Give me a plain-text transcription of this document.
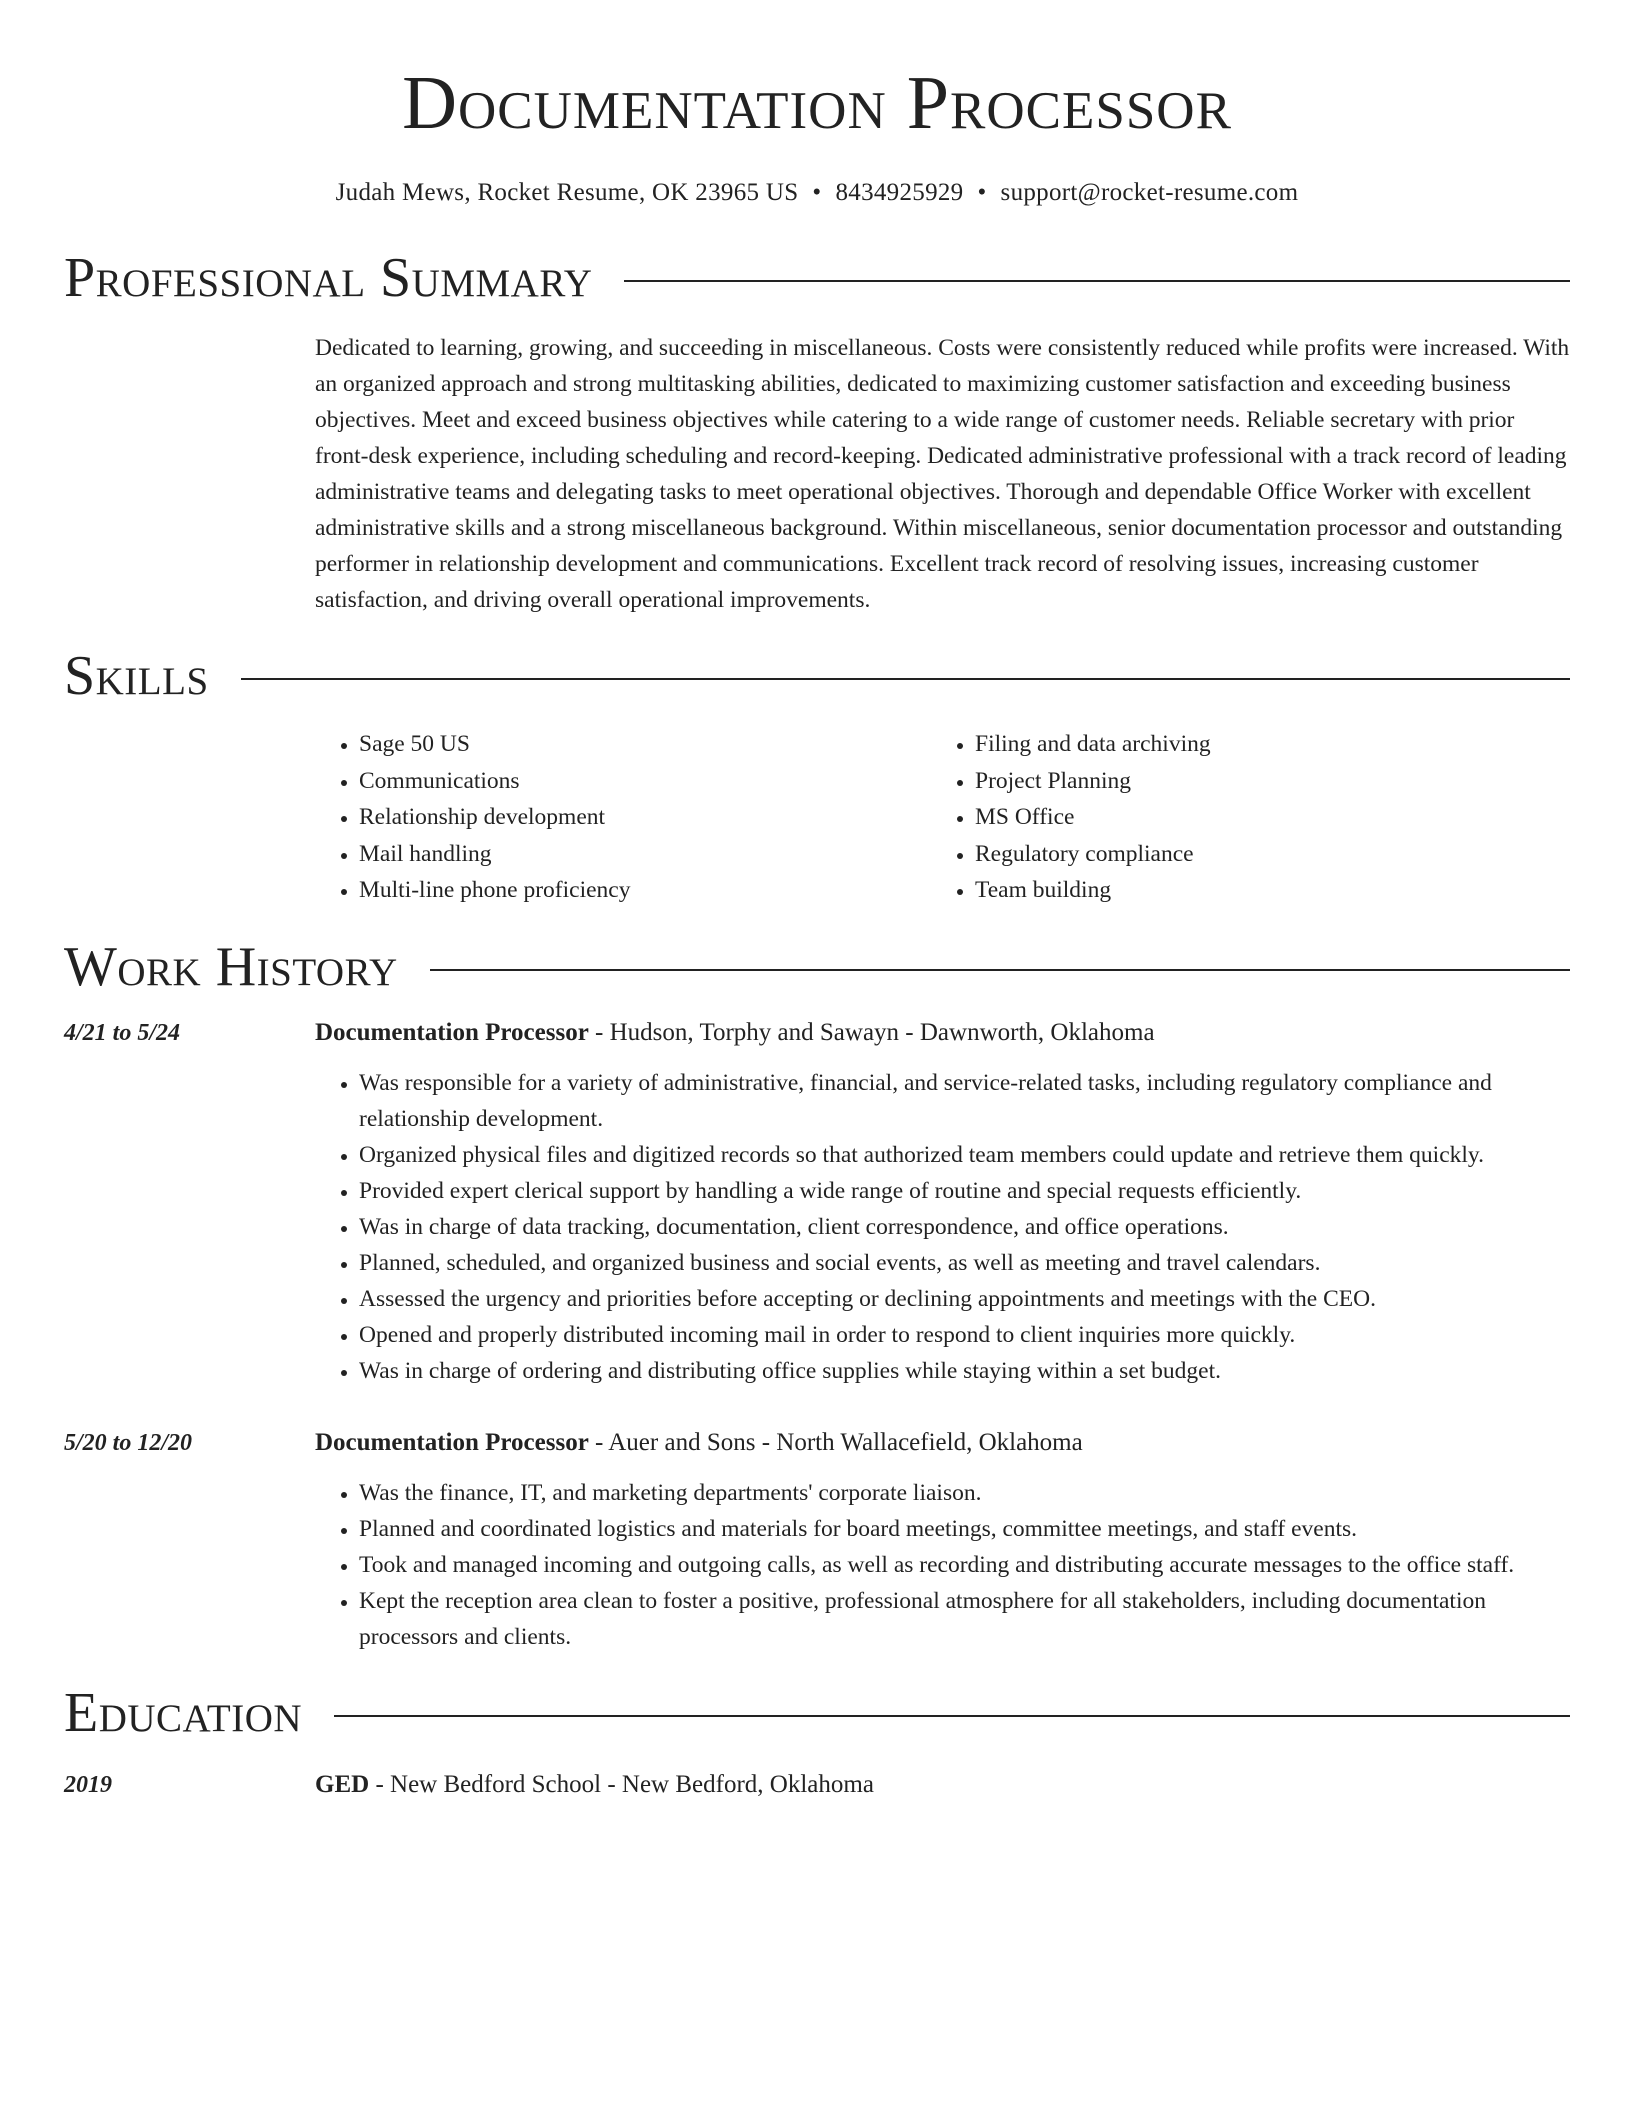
Documentation Processor
Judah Mews, Rocket Resume, OK 23965 US • 8434925929 • support@rocket-resume.com
Professional Summary
Dedicated to learning, growing, and succeeding in miscellaneous. Costs were consistently reduced while profits were increased. With an organized approach and strong multitasking abilities, dedicated to maximizing customer satisfaction and exceeding business objectives. Meet and exceed business objectives while catering to a wide range of customer needs. Reliable secretary with prior front-desk experience, including scheduling and record-keeping. Dedicated administrative professional with a track record of leading administrative teams and delegating tasks to meet operational objectives. Thorough and dependable Office Worker with excellent administrative skills and a strong miscellaneous background. Within miscellaneous, senior documentation processor and outstanding performer in relationship development and communications. Excellent track record of resolving issues, increasing customer satisfaction, and driving overall operational improvements.
Skills
• Sage 50 US
• Communications
• Relationship development
• Mail handling
• Multi-line phone proficiency
• Filing and data archiving
• Project Planning
• MS Office
• Regulatory compliance
• Team building
Work History
4/21 to 5/24	Documentation Processor - Hudson, Torphy and Sawayn - Dawnworth, Oklahoma
• Was responsible for a variety of administrative, financial, and service-related tasks, including regulatory compliance and relationship development.
• Organized physical files and digitized records so that authorized team members could update and retrieve them quickly.
• Provided expert clerical support by handling a wide range of routine and special requests efficiently.
• Was in charge of data tracking, documentation, client correspondence, and office operations.
• Planned, scheduled, and organized business and social events, as well as meeting and travel calendars.
• Assessed the urgency and priorities before accepting or declining appointments and meetings with the CEO.
• Opened and properly distributed incoming mail in order to respond to client inquiries more quickly.
• Was in charge of ordering and distributing office supplies while staying within a set budget.
5/20 to 12/20	Documentation Processor - Auer and Sons - North Wallacefield, Oklahoma
• Was the finance, IT, and marketing departments' corporate liaison.
• Planned and coordinated logistics and materials for board meetings, committee meetings, and staff events.
• Took and managed incoming and outgoing calls, as well as recording and distributing accurate messages to the office staff.
• Kept the reception area clean to foster a positive, professional atmosphere for all stakeholders, including documentation processors and clients.
Education
2019	GED - New Bedford School - New Bedford, Oklahoma
